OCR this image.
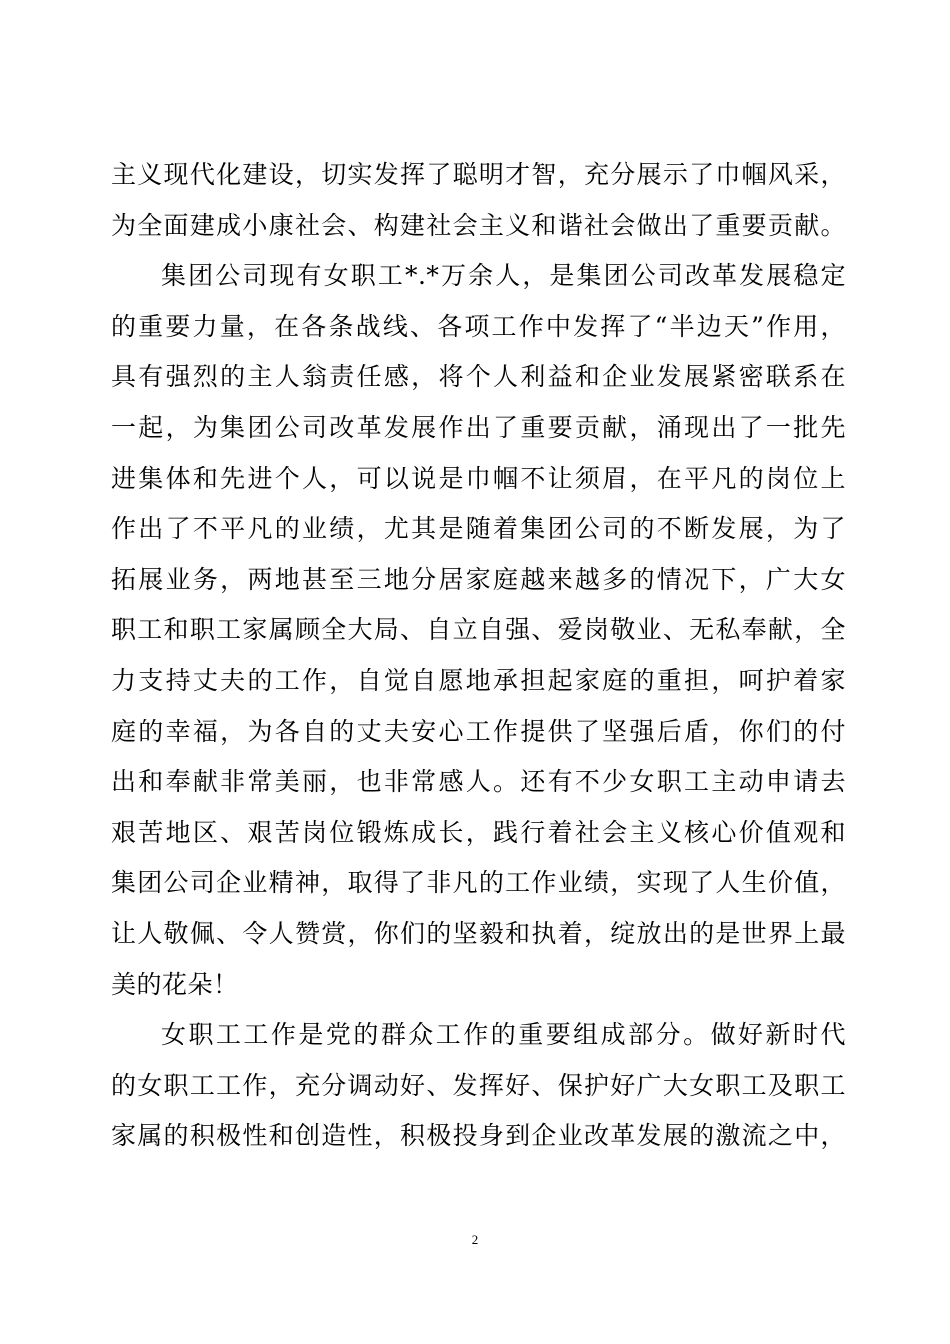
主义现代化建设，切实发挥了聪明才智，充分展示了巾帼风采，
为全面建成小康社会、构建社会主义和谐社会做出了重要贡献。
集团公司现有女职工*.*万余人，是集团公司改革发展稳定
的重要力量，在各条战线、各项工作中发挥了“半边天”作用，
具有强烈的主人翁责任感，将个人利益和企业发展紧密联系在
一起，为集团公司改革发展作出了重要贡献，涌现出了一批先
进集体和先进个人，可以说是巾帼不让须眉，在平凡的岗位上
作出了不平凡的业绩，尤其是随着集团公司的不断发展，为了
拓展业务，两地甚至三地分居家庭越来越多的情况下，广大女
职工和职工家属顾全大局、自立自强、爱岗敬业、无私奉献，全
力支持丈夫的工作，自觉自愿地承担起家庭的重担，呵护着家
庭的幸福，为各自的丈夫安心工作提供了坚强后盾，你们的付
出和奉献非常美丽，也非常感人。还有不少女职工主动申请去
艰苦地区、艰苦岗位锻炼成长，践行着社会主义核心价值观和
集团公司企业精神，取得了非凡的工作业绩，实现了人生价值，
让人敬佩、令人赞赏，你们的坚毅和执着，绽放出的是世界上最
美的花朵！
女职工工作是党的群众工作的重要组成部分。做好新时代
的女职工工作，充分调动好、发挥好、保护好广大女职工及职工
家属的积极性和创造性，积极投身到企业改革发展的激流之中，
2
